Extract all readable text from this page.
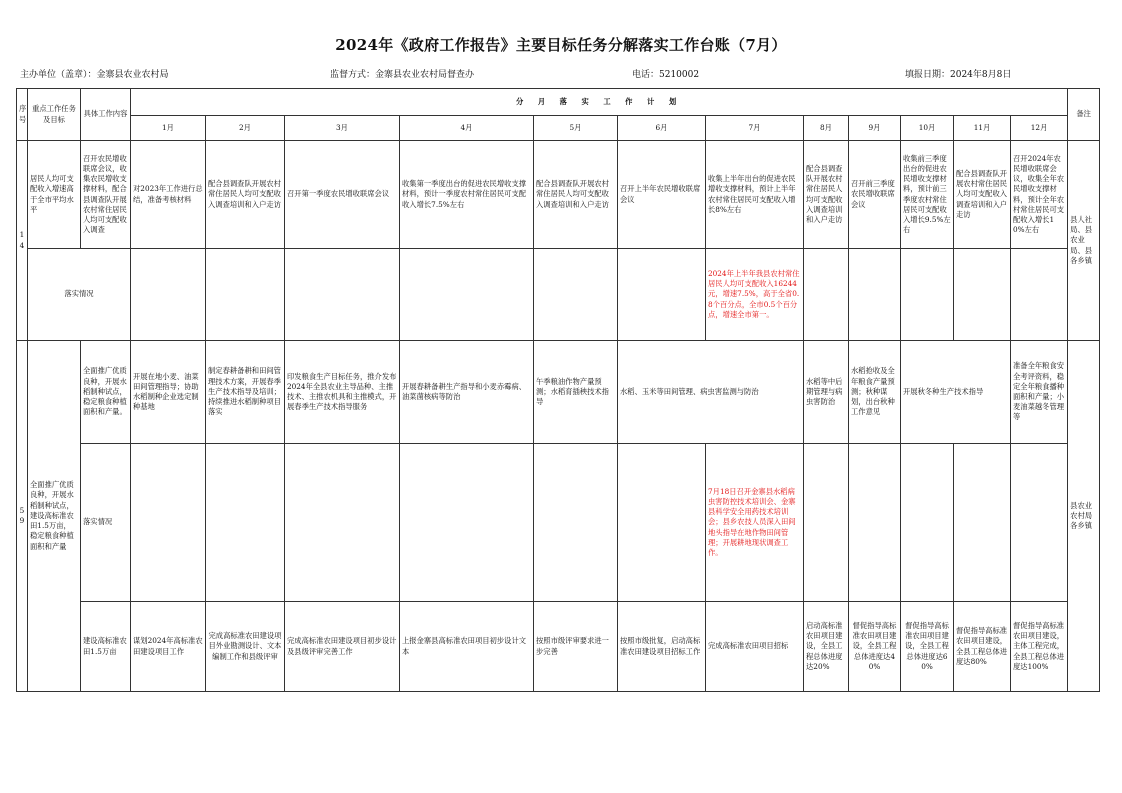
2024年《政府工作报告》主要目标任务分解落实工作台账（7月）
主办单位（盖章）：金寨县农业农村局	监督方式：金寨县农业农村局督查办	电话：5210002	填报日期：2024年8月8日
序号	重点工作任务及目标	具体工作内容	分 月 落 实 工 作 计 划												备注
			1月	2月	3月	4月	5月	6月	7月	8月	9月	10月	11月	12月	
14	居民人均可支配收入增速高于全市平均水平	召开农民增收联席会议，收集农民增收支撑材料，配合县调查队开展农村常住居民人均可支配收入调查	对2023年工作进行总结，准备考核材料	配合县调查队开展农村常住居民人均可支配收入调查培训和入户走访	召开第一季度农民增收联席会议	收集第一季度出台的促进农民增收支撑材料，预计一季度农村常住居民可支配收入增长7.5%左右	配合县调查队开展农村常住居民人均可支配收入调查培训和入户走访	召开上半年农民增收联席会议	收集上半年出台的促进农民增收支撑材料，预计上半年农村常住居民可支配收入增长8%左右	配合县调查队开展农村常住居民人均可支配收入调查培训和入户走访	召开前三季度农民增收联席会议	收集前三季度出台的促进农民增收支撑材料，预计前三季度农村常住居民可支配收入增长9.5%左右	配合县调查队开展农村常住居民人均可支配收入调查培训和入户走访	召开2024年农民增收联席会议，收集全年农民增收支撑材料，预计全年农村常住居民可支配收入增长10%左右	县人社局、县农业局、县各乡镇
	落实情况								2024年上半年我县农村常住居民人均可支配收入16244元，增速7.5%，高于全省0.8个百分点，全市0.5个百分点，增速全市第一。						
59	全面推广优质良种，开展水稻制种试点，建设高标准农田1.5万亩，稳定粮食种植面积和产量	全面推广优质良种，开展水稻制种试点，稳定粮食种植面积和产量。	开展在地小麦、油菜田间管理指导；协助水稻制种企业选定制种基地	制定春耕备耕和田间管理技术方案，开展春季生产技术指导及培训；持续推进水稻制种项目落实	印发粮食生产目标任务，推介发布2024年全县农业主导品种、主推技术、主推农机具和主推模式，开展春季生产技术指导服务	开展春耕备耕生产指导和小麦赤霉病、油菜菌核病等防治	午季粮油作物产量预测；水稻育插秧技术指导	水稻、玉米等田间管理、病虫害监测与防治		水稻等中后期管理与病虫害防治	水稻抢收及全年粮食产量预测；秋种谋划，出台秋种工作意见	开展秋冬种生产技术指导		准备全年粮食安全考评资料，稳定全年粮食播种面积和产量；小麦油菜越冬管理等	县农业农村局各乡镇
		落实情况							7月18日召开金寨县水稻病虫害防控技术培训会、金寨县科学安全用药技术培训会；县乡农技人员深入田间地头指导在地作物田间管理；开展耕地现状调查工作。						
		建设高标准农田1.5万亩	谋划2024年高标准农田建设项目工作	完成高标准农田建设项目外业勘测设计、文本编制工作和县级评审	完成高标准农田建设项目初步设计及县级评审完善工作	上报金寨县高标准农田项目初步设计文本	按照市级评审要求进一步完善	按照市级批复，启动高标准农田建设项目招标工作	完成高标准农田项目招标	启动高标准农田项目建设，全县工程总体进度达20%	督促指导高标准农田项目建设，全县工程总体进度达40%	督促指导高标准农田项目建设，全县工程总体进度达60%	督促指导高标准农田项目建设，全县工程总体进度达80%	督促指导高标准农田项目建设，主体工程完成，全县工程总体进度达100%	
